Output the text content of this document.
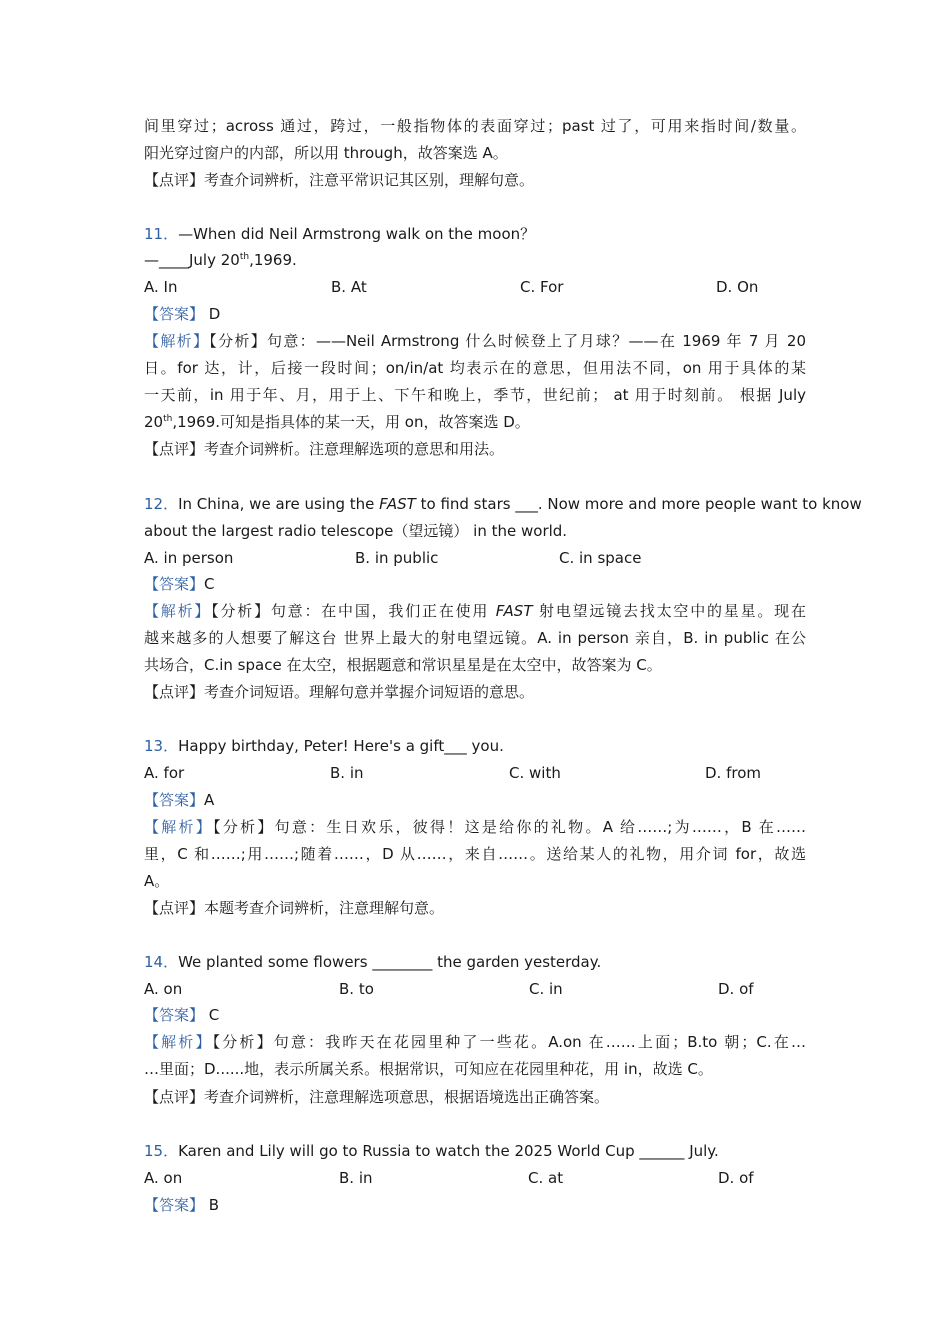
间里穿过；across 通过，跨过，一般指物体的表面穿过；past 过了，可用来指时间/数量。
阳光穿过窗户的内部，所以用 through，故答案选 A。
【点评】考查介词辨析，注意平常识记其区别，理解句意。
11．—When did Neil Armstrong walk on the moon？
—____July 20th,1969.
A. In	B. At	C. For	D. On
【答案】 D
【解析】【分析】句意：——Neil Armstrong 什么时候登上了月球？——在 1969 年 7 月 20
日。for 达，计，后接一段时间；on/in/at 均表示在的意思，但用法不同，on 用于具体的某
一天前，in 用于年、月，用于上、下午和晚上，季节，世纪前； at 用于时刻前。 根据 July
20th,1969.可知是指具体的某一天，用 on，故答案选 D。
【点评】考查介词辨析。注意理解选项的意思和用法。
12．In China, we are using the FAST to find stars ___. Now more and more people want to know
about the largest radio telescope（望远镜） in the world.
A. in person	B. in public	C. in space
【答案】C
【解析】【分析】句意：在中国，我们正在使用 FAST 射电望远镜去找太空中的星星。现在
越来越多的人想要了解这台 世界上最大的射电望远镜。A. in person 亲自，B. in public 在公
共场合，C.in space 在太空，根据题意和常识星星是在太空中，故答案为 C。
【点评】考查介词短语。理解句意并掌握介词短语的意思。
13．Happy birthday, Peter! Here's a gift___ you.
A. for	B. in	C. with	D. from
【答案】A
【解析】【分析】句意：生日欢乐，彼得！这是给你的礼物。A 给……;为……，B 在……
里，C 和……;用……;随着……，D 从……，来自……。送给某人的礼物，用介词 for，故选
A。
【点评】本题考查介词辨析，注意理解句意。
14．We planted some flowers ________ the garden yesterday.
A. on	B. to	C. in	D. of
【答案】 C
【解析】【分析】句意：我昨天在花园里种了一些花。A.on 在……上面；B.to 朝；C.在…
…里面；D......地，表示所属关系。根据常识，可知应在花园里种花，用 in，故选 C。
【点评】考查介词辨析，注意理解选项意思，根据语境选出正确答案。
15．Karen and Lily will go to Russia to watch the 2025 World Cup ______ July.
A. on	B. in	C. at	D. of
【答案】 B
